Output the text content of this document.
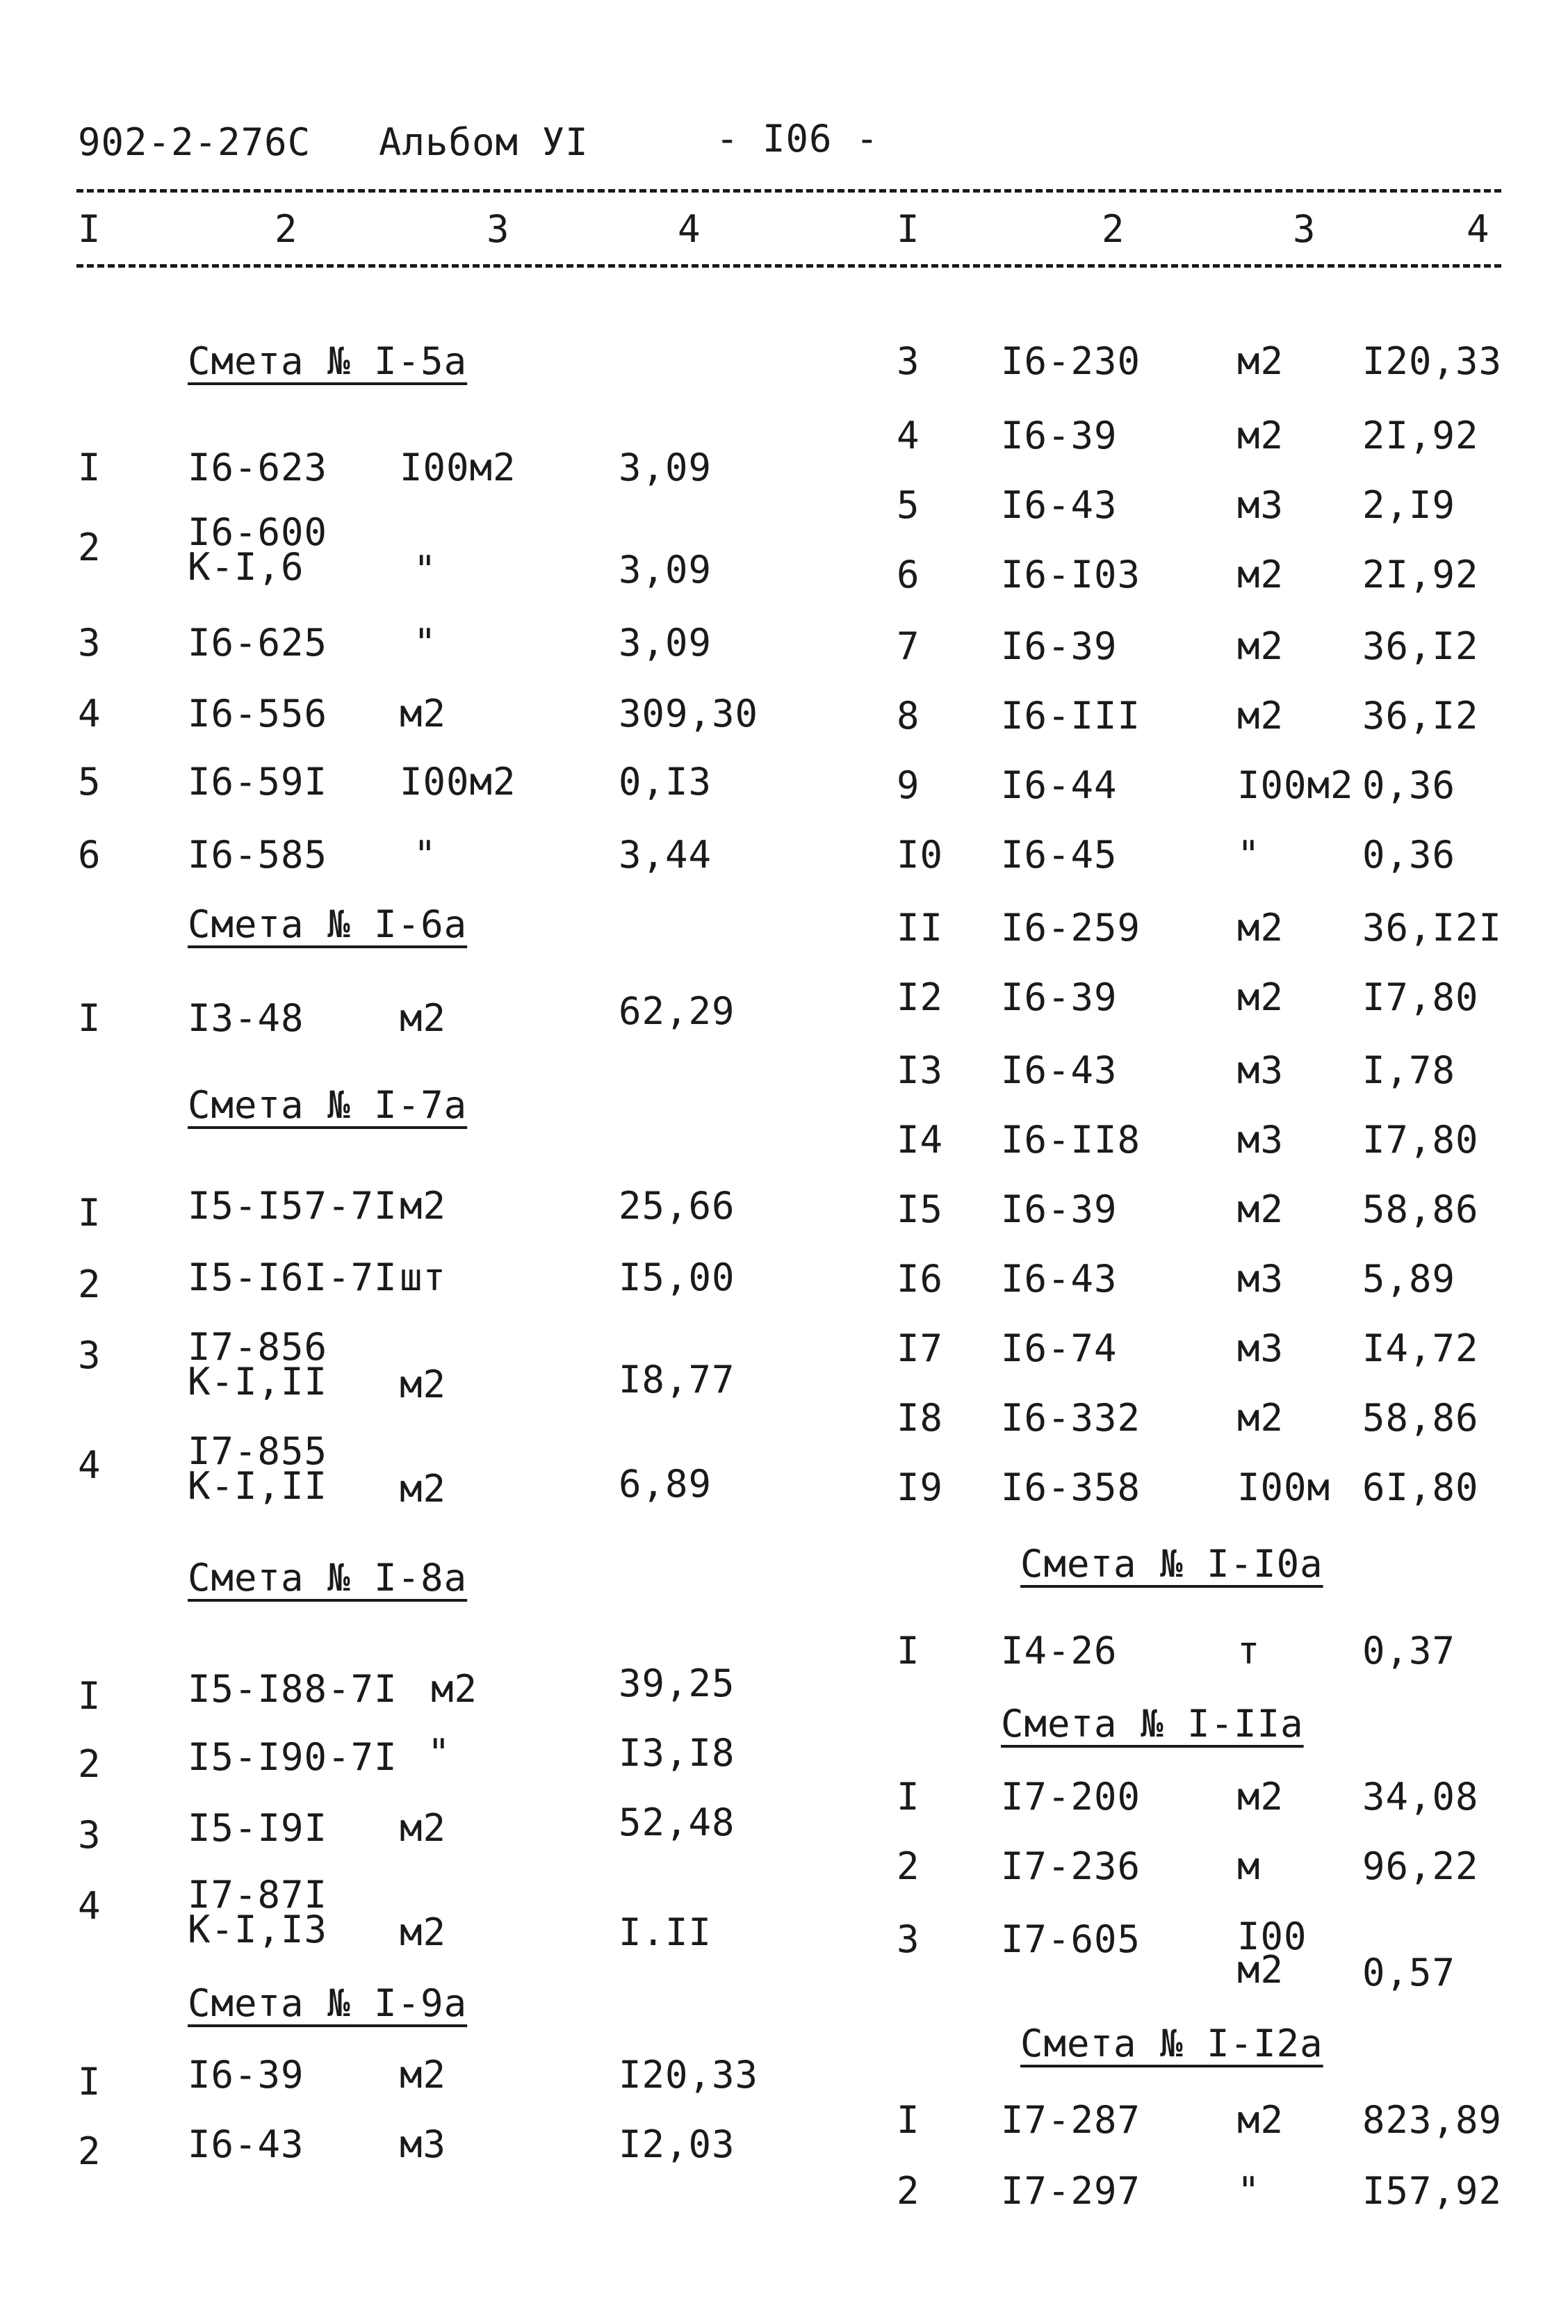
902-2-276C Альбом УI	- I06 -
I	2	3	4	I	2	3	4
Смета № I-5а
I I6-623 I00м2	3,09
2 I6-600
К-I,6	"	3,09
3 I6-625 "	3,09
4 I6-556 м2	309,30
5 I6-59I I00м2	0,I3
6 I6-585 "	3,44
Смета № I-6а
I I3-48	м2	62,29
Смета № I-7а
I I5-I57-7I м2	25,66
2 I5-I6I-7I шт	I5,00
3 I7-856
К-I,II м2	I8,77
4 I7-855
К-I,II м2	6,89
Смета № I-8а
I I5-I88-7I м2	39,25
2 I5-I90-7I "	I3,I8
3 I5-I9I м2	52,48
4 I7-87I
К-I,I3 м2	I.II
Смета № I-9а
I I6-39	м2	I20,33
2 I6-43	м3	I2,03
3 I6-230	м2 I20,33
4 I6-39	м2 2I,92
5 I6-43	м3 2,I9
6 I6-I03	м2 2I,92
7 I6-39	м2 36,I2
8 I6-III	м2 36,I2
9 I6-44	I00м2 0,36
I0 I6-45	"	0,36
II I6-259	м2 36,I2I
I2 I6-39	м2 I7,80
I3 I6-43	м3 I,78
I4 I6-II8	м3 I7,80
I5 I6-39	м2 58,86
I6 I6-43	м3 5,89
I7 I6-74	м3 I4,72
I8 I6-332	м2 58,86
I9 I6-358	I00м 6I,80
Смета № I-I0а
I I4-26	т	0,37
Смета № I-IIа
I I7-200	м2 34,08
2 I7-236	м	96,22
3 I7-605	I00
м2 0,57
Смета № I-I2а
I I7-287	м2 823,89
2 I7-297	"	I57,92
